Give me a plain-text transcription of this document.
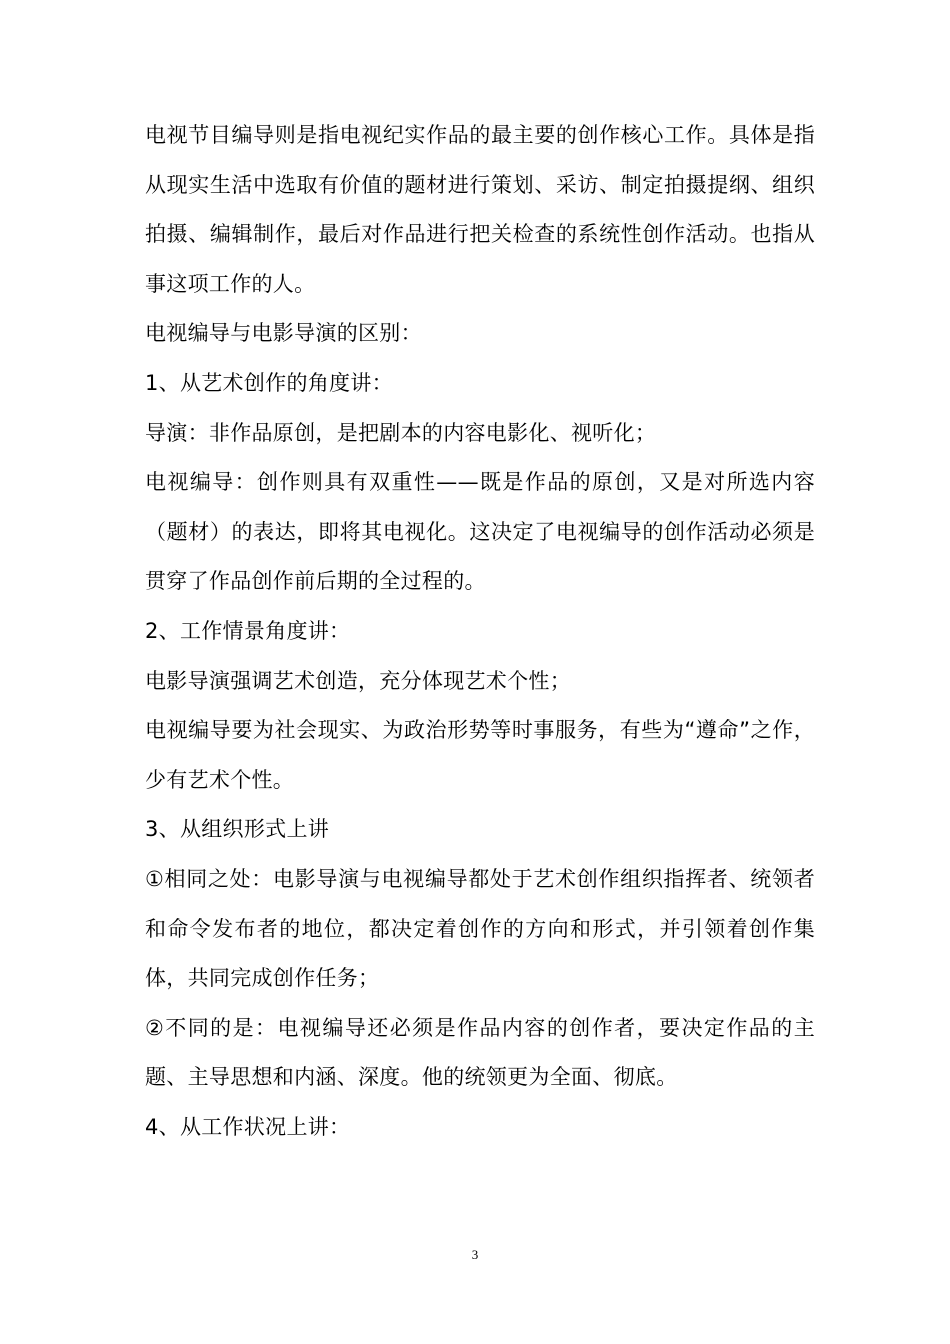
电视节目编导则是指电视纪实作品的最主要的创作核心工作。具体是指从现实生活中选取有价值的题材进行策划、采访、制定拍摄提纲、组织拍摄、编辑制作，最后对作品进行把关检查的系统性创作活动。也指从事这项工作的人。

电视编导与电影导演的区别：

1、从艺术创作的角度讲：

导演：非作品原创，是把剧本的内容电影化、视听化；

电视编导：创作则具有双重性——既是作品的原创，又是对所选内容（题材）的表达，即将其电视化。这决定了电视编导的创作活动必须是贯穿了作品创作前后期的全过程的。

2、工作情景角度讲：

电影导演强调艺术创造，充分体现艺术个性；

电视编导要为社会现实、为政治形势等时事服务，有些为“遵命”之作，少有艺术个性。

3、从组织形式上讲

①相同之处：电影导演与电视编导都处于艺术创作组织指挥者、统领者和命令发布者的地位，都决定着创作的方向和形式，并引领着创作集体，共同完成创作任务；

②不同的是：电视编导还必须是作品内容的创作者，要决定作品的主题、主导思想和内涵、深度。他的统领更为全面、彻底。

4、从工作状况上讲：

3
